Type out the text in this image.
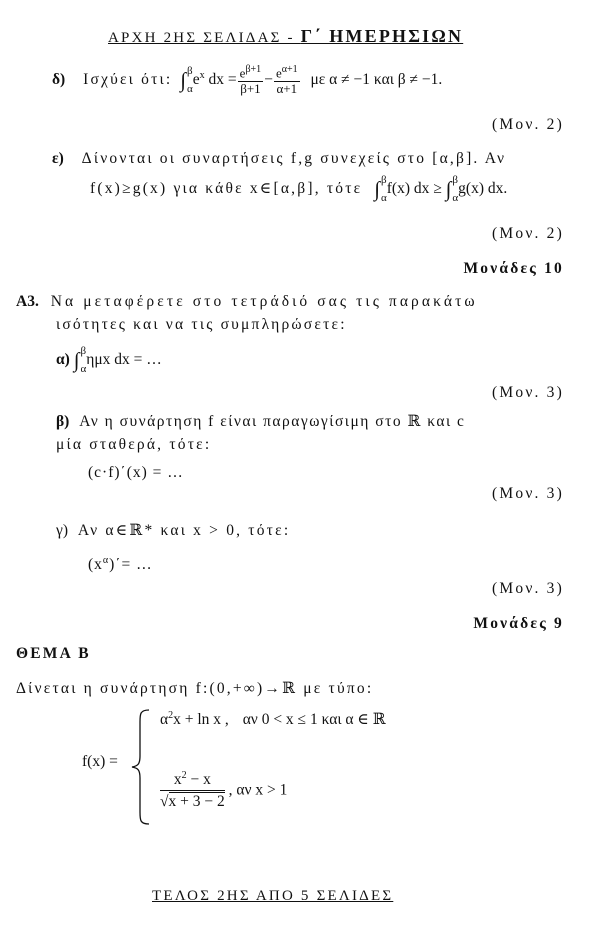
ΑΡΧΗ 2ΗΣ ΣΕΛΙΔΑΣ - Γ΄ ΗΜΕΡΗΣΙΩΝ
δ) Ισχύει ότι: ∫ β
α
$e^x$ dx = $\frac{e^{\beta+1}}{\beta+1} - \frac{e^{\alpha+1}}{\alpha+1}$ με α ≠ −1 και β ≠ −1.
(Μον. 2)
ε) Δίνονται οι συναρτήσεις f,g συνεχείς στο [α,β]. Αν
f(x)≥g(x) για κάθε x∈[α,β], τότε ∫ β
α
f(x) dx ≥ ∫ β
α
g(x) dx.
(Μον. 2)
Μονάδες 10
Α3. Να μεταφέρετε στο τετράδιό σας τις παρακάτω
ισότητες και να τις συμπληρώσετε:
α) ∫ β
α
ημx dx = …
(Μον. 3)
β) Αν η συνάρτηση f είναι παραγωγίσιμη στο ℝ και c
μία σταθερά, τότε:
(c·f)΄(x) = …
(Μον. 3)
γ) Αν α∈ℝ* και x > 0, τότε:
$(x^\alpha)΄=$ …
(Μον. 3)
Μονάδες 9
ΘΕΜΑ Β
Δίνεται η συνάρτηση f:(0,+∞)→ℝ με τύπο:
f(x) =
$\alpha^2x + \ln x$ , αν 0 < x ≤ 1 και α ∈ ℝ
$\frac{x^2 - x}{√x + 3 - 2}$ , αν x > 1
ΤΕΛΟΣ 2ΗΣ ΑΠΟ 5 ΣΕΛΙΔΕΣ
